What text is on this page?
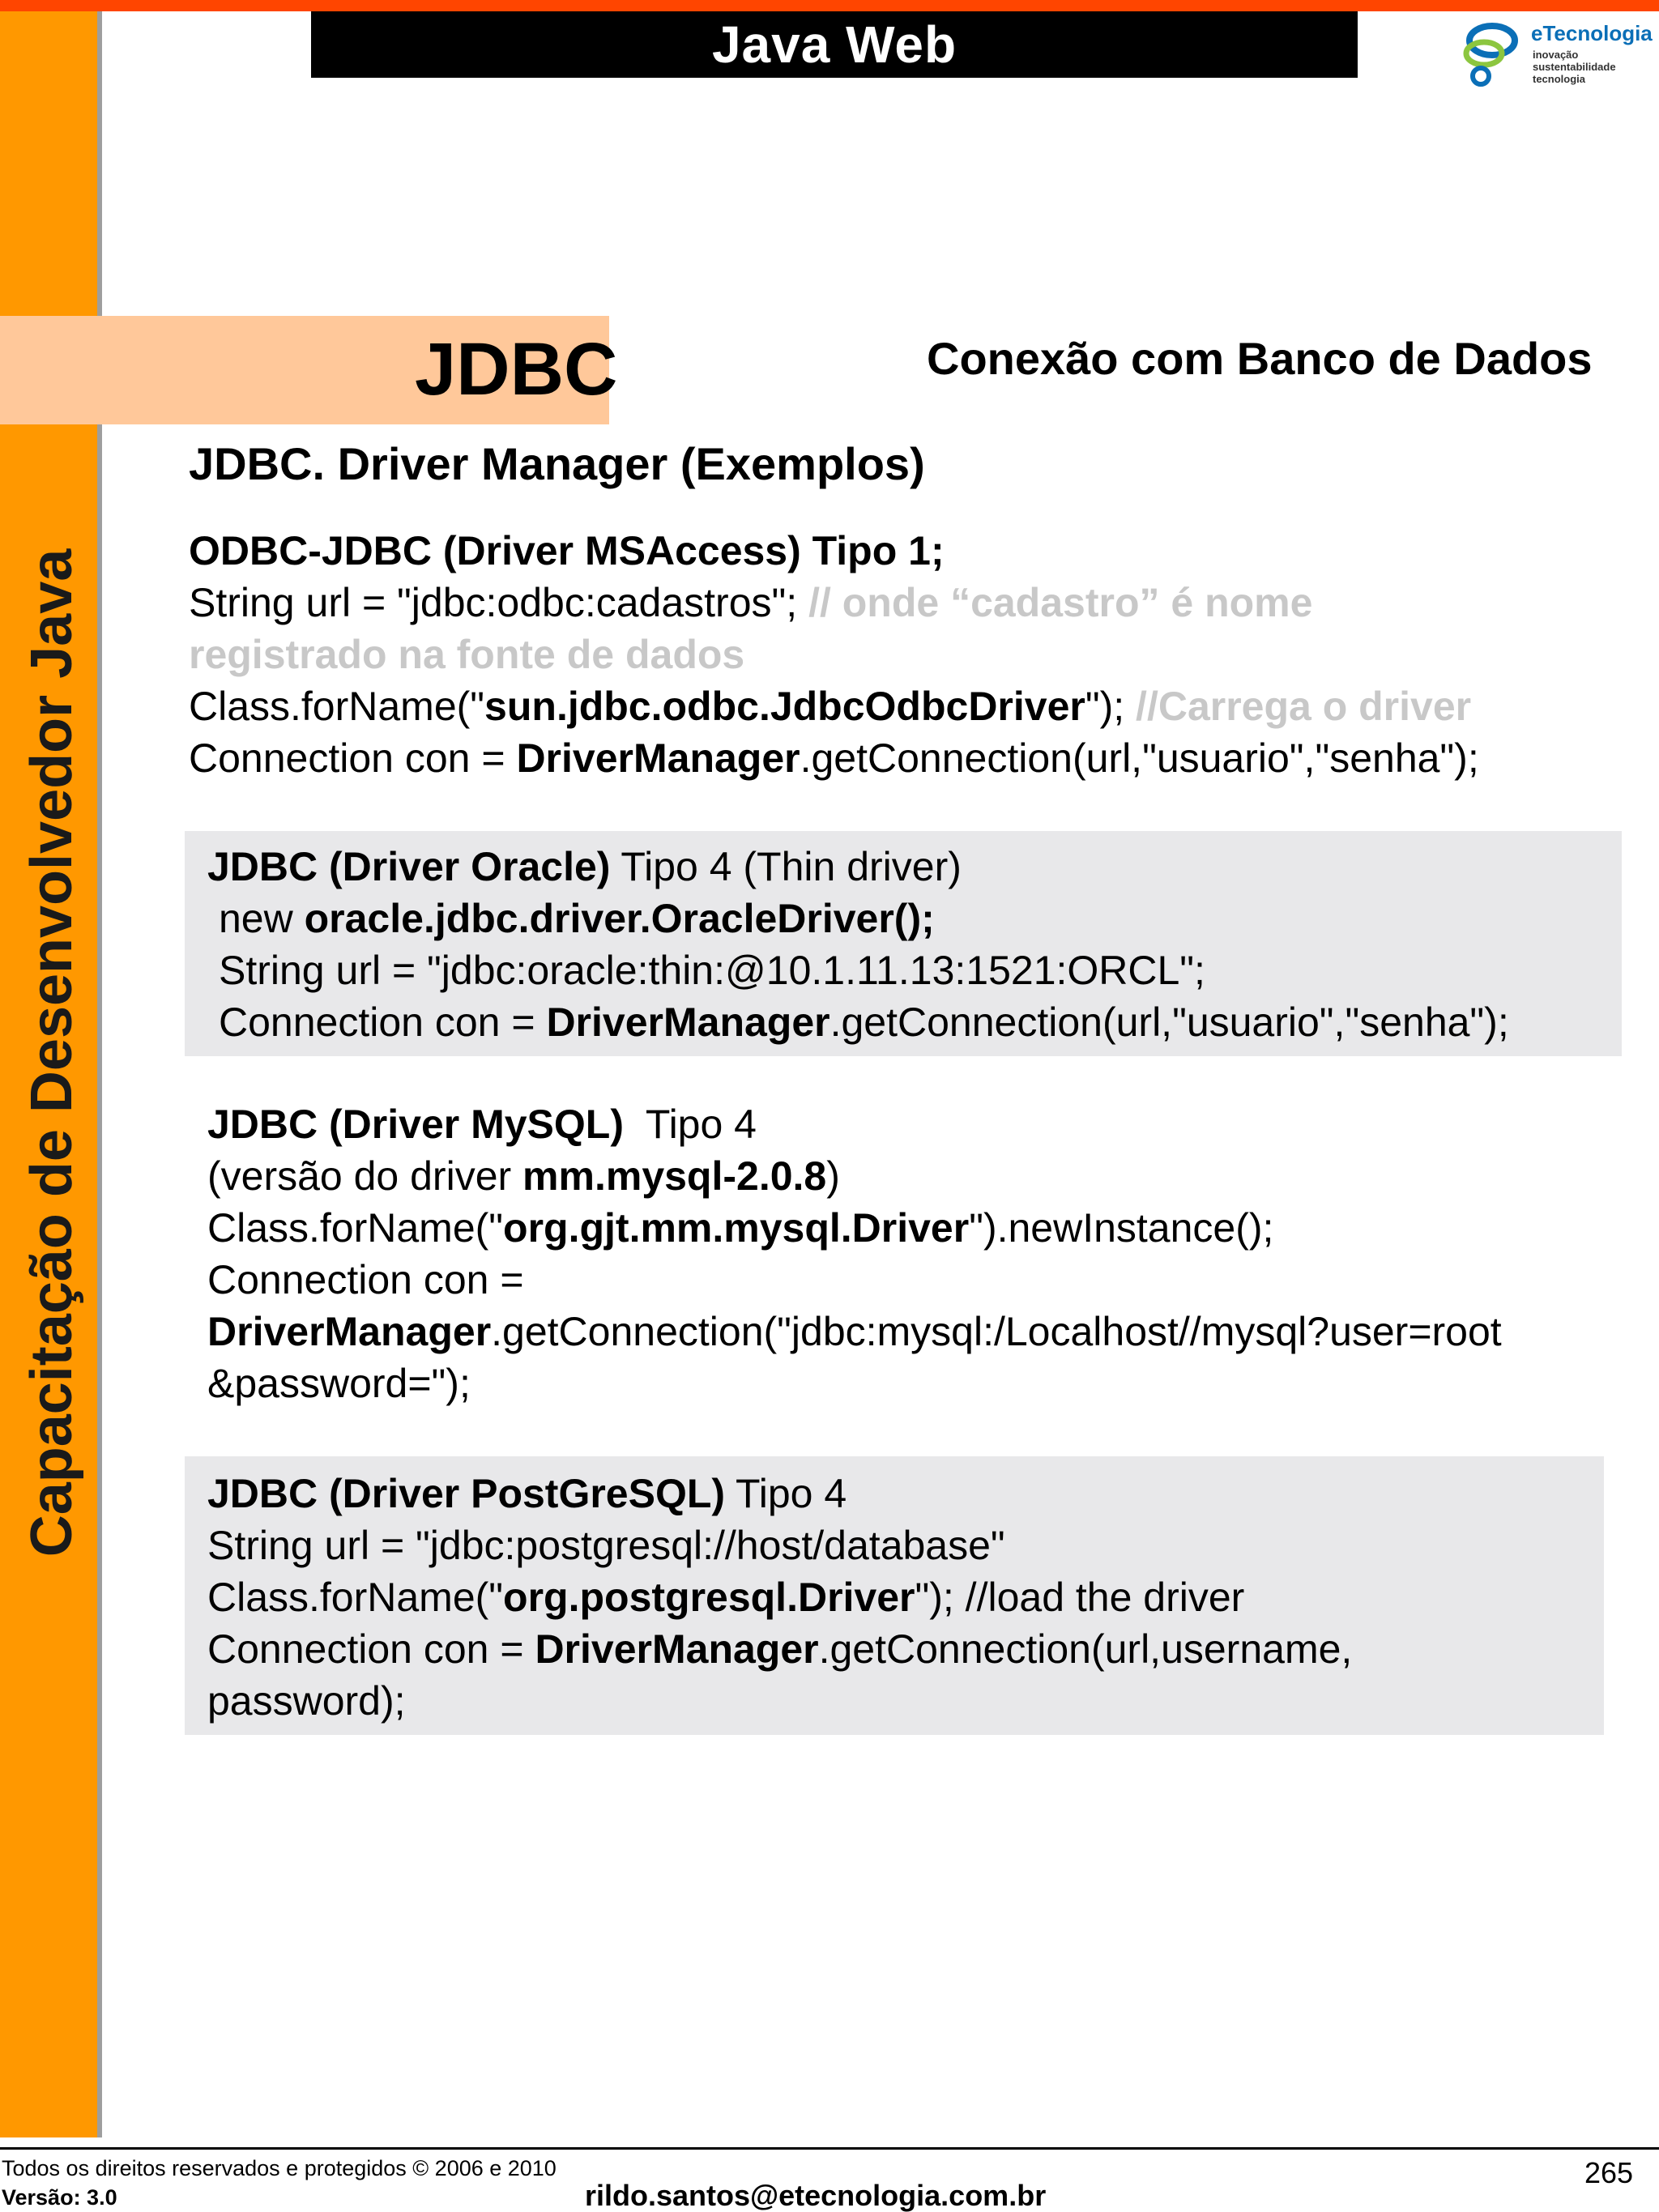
Capacitação de Desenvolvedor Java
Java Web	eTecnologia
inovação
sustentabilidade
tecnologia
JDBC	Conexão com Banco de Dados
JDBC. Driver Manager (Exemplos)
ODBC-JDBC (Driver MSAccess) Tipo 1;
String url = "jdbc:odbc:cadastros"; // onde “cadastro” é nome
registrado na fonte de dados
Class.forName("sun.jdbc.odbc.JdbcOdbcDriver"); //Carrega o driver
Connection con = DriverManager.getConnection(url,"usuario","senha");
JDBC (Driver Oracle) Tipo 4 (Thin driver)
new oracle.jdbc.driver.OracleDriver();
String url = "jdbc:oracle:thin:@10.1.11.13:1521:ORCL";
Connection con = DriverManager.getConnection(url,"usuario","senha");
JDBC (Driver MySQL)  Tipo 4
(versão do driver mm.mysql-2.0.8)
Class.forName("org.gjt.mm.mysql.Driver").newInstance();
Connection con =
DriverManager.getConnection("jdbc:mysql:/Localhost//mysql?user=root
&password=");
JDBC (Driver PostGreSQL) Tipo 4
String url = "jdbc:postgresql://host/database"
Class.forName("org.postgresql.Driver"); //load the driver
Connection con = DriverManager.getConnection(url,username,
password);
Todos os direitos reservados e protegidos © 2006 e 2010
Versão: 3.0	rildo.santos@etecnologia.com.br
265
